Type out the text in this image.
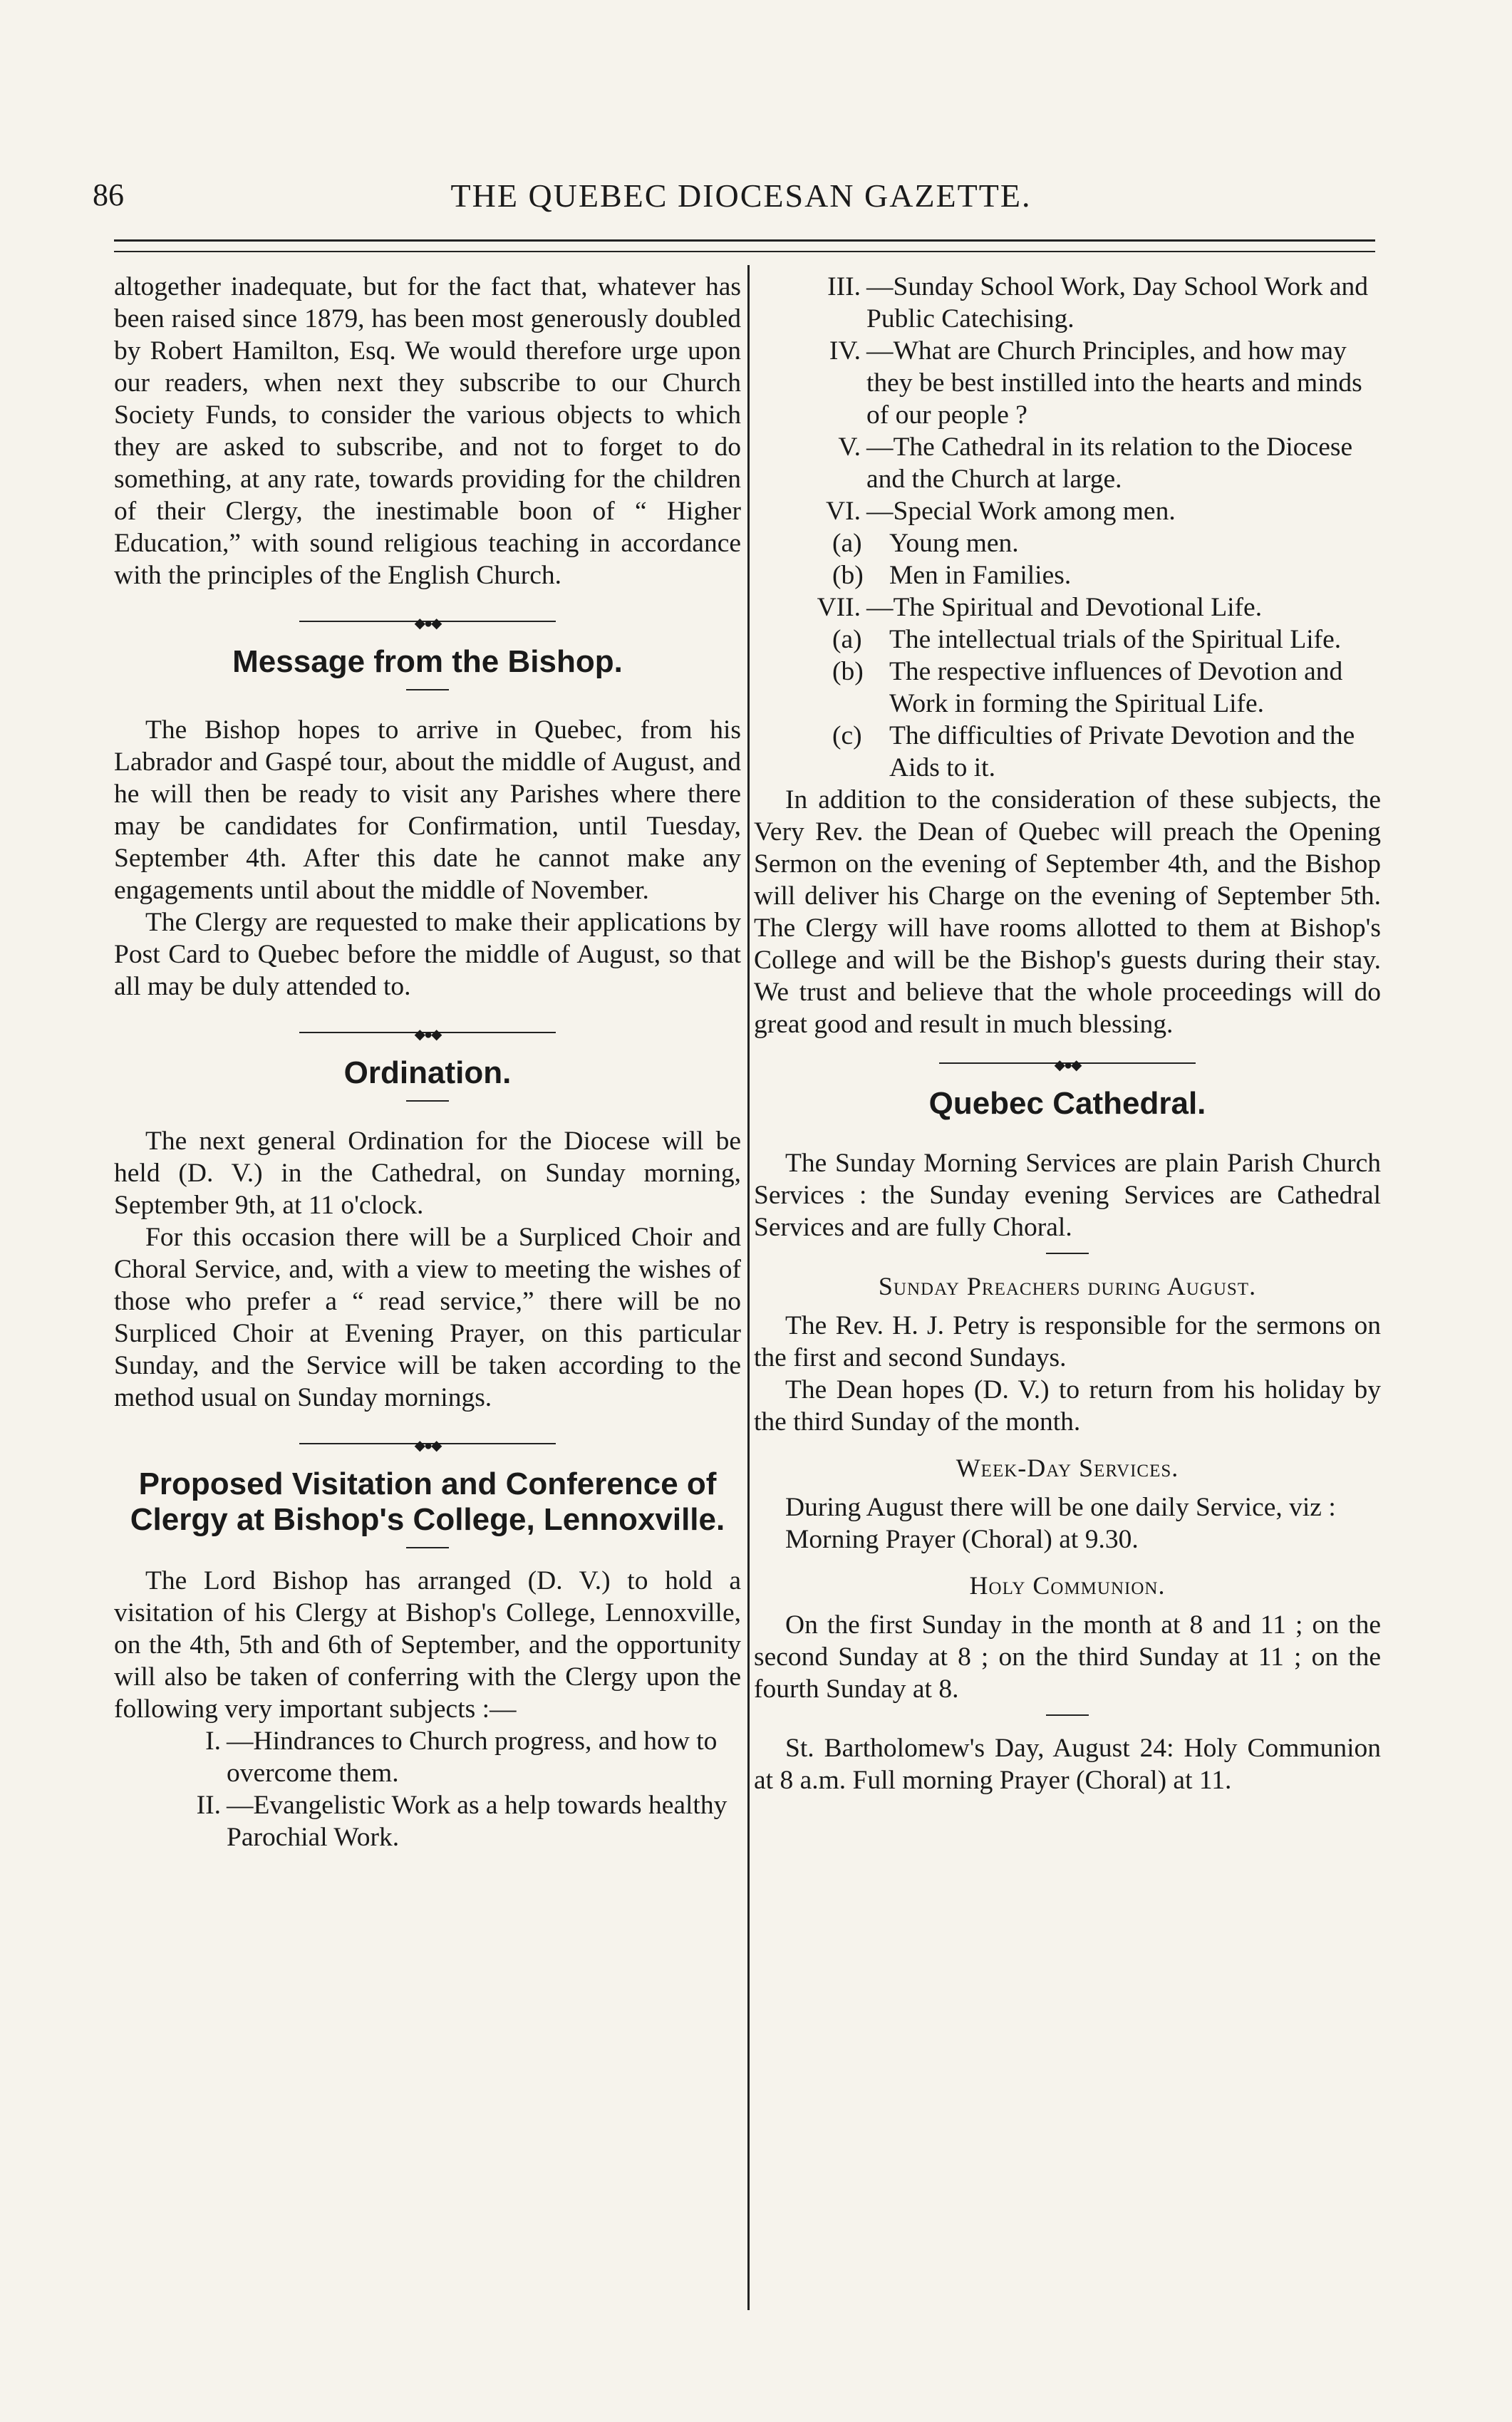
86	THE QUEBEC DIOCESAN GAZETTE.

altogether inadequate, but for the fact that, whatever has been raised since 1879, has been most generously doubled by Robert Hamilton, Esq. We would therefore urge upon our readers, when next they subscribe to our Church Society Funds, to consider the various objects to which they are asked to subscribe, and not to forget to do something, at any rate, towards providing for the children of their Clergy, the inestimable boon of “ Higher Education,” with sound religious teaching in accordance with the principles of the English Church.

◆●◆
Message from the Bishop.

The Bishop hopes to arrive in Quebec, from his Labrador and Gaspé tour, about the middle of August, and he will then be ready to visit any Parishes where there may be candidates for Confirmation, until Tuesday, September 4th. After this date he cannot make any engagements until about the middle of November.

The Clergy are requested to make their applications by Post Card to Quebec before the middle of August, so that all may be duly attended to.

◆●◆
Ordination.

The next general Ordination for the Diocese will be held (D. V.) in the Cathedral, on Sunday morning, September 9th, at 11 o'clock.

For this occasion there will be a Surpliced Choir and Choral Service, and, with a view to meeting the wishes of those who prefer a “ read service,” there will be no Surpliced Choir at Evening Prayer, on this particular Sunday, and the Service will be taken according to the method usual on Sunday mornings.

◆●◆
Proposed Visitation and Conference of Clergy at Bishop's College, Lennoxville.

The Lord Bishop has arranged (D. V.) to hold a visitation of his Clergy at Bishop's College, Lennoxville, on the 4th, 5th and 6th of September, and the opportunity will also be taken of conferring with the Clergy upon the following very important subjects :—

I. —Hindrances to Church progress, and how to overcome them.
II. —Evangelistic Work as a help towards healthy Parochial Work.
III. —Sunday School Work, Day School Work and Public Catechising.
IV. —What are Church Principles, and how may they be best instilled into the hearts and minds of our people ?
V. —The Cathedral in its relation to the Diocese and the Church at large.
VI. —Special Work among men.
(a)	Young men.
(b) Men in Families.
VII. —The Spiritual and Devotional Life.
(a)	The intellectual trials of the Spiritual Life.
(b) The respective influences of Devotion and Work in forming the Spiritual Life.
(c)	The difficulties of Private Devotion and the Aids to it.

In addition to the consideration of these subjects, the Very Rev. the Dean of Quebec will preach the Opening Sermon on the evening of September 4th, and the Bishop will deliver his Charge on the evening of September 5th. The Clergy will have rooms allotted to them at Bishop's College and will be the Bishop's guests during their stay. We trust and believe that the whole proceedings will do great good and result in much blessing.

◆●◆
Quebec Cathedral.

The Sunday Morning Services are plain Parish Church Services : the Sunday evening Services are Cathedral Services and are fully Choral.

Sunday Preachers during August.

The Rev. H. J. Petry is responsible for the sermons on the first and second Sundays.

The Dean hopes (D. V.) to return from his holiday by the third Sunday of the month.

Week-Day Services.

During August there will be one daily Service, viz :

Morning Prayer (Choral) at 9.30.

Holy Communion.

On the first Sunday in the month at 8 and 11 ; on the second Sunday at 8 ; on the third Sunday at 11 ; on the fourth Sunday at 8.

St. Bartholomew's Day, August 24: Holy Communion at 8 a.m. Full morning Prayer (Choral) at 11.
